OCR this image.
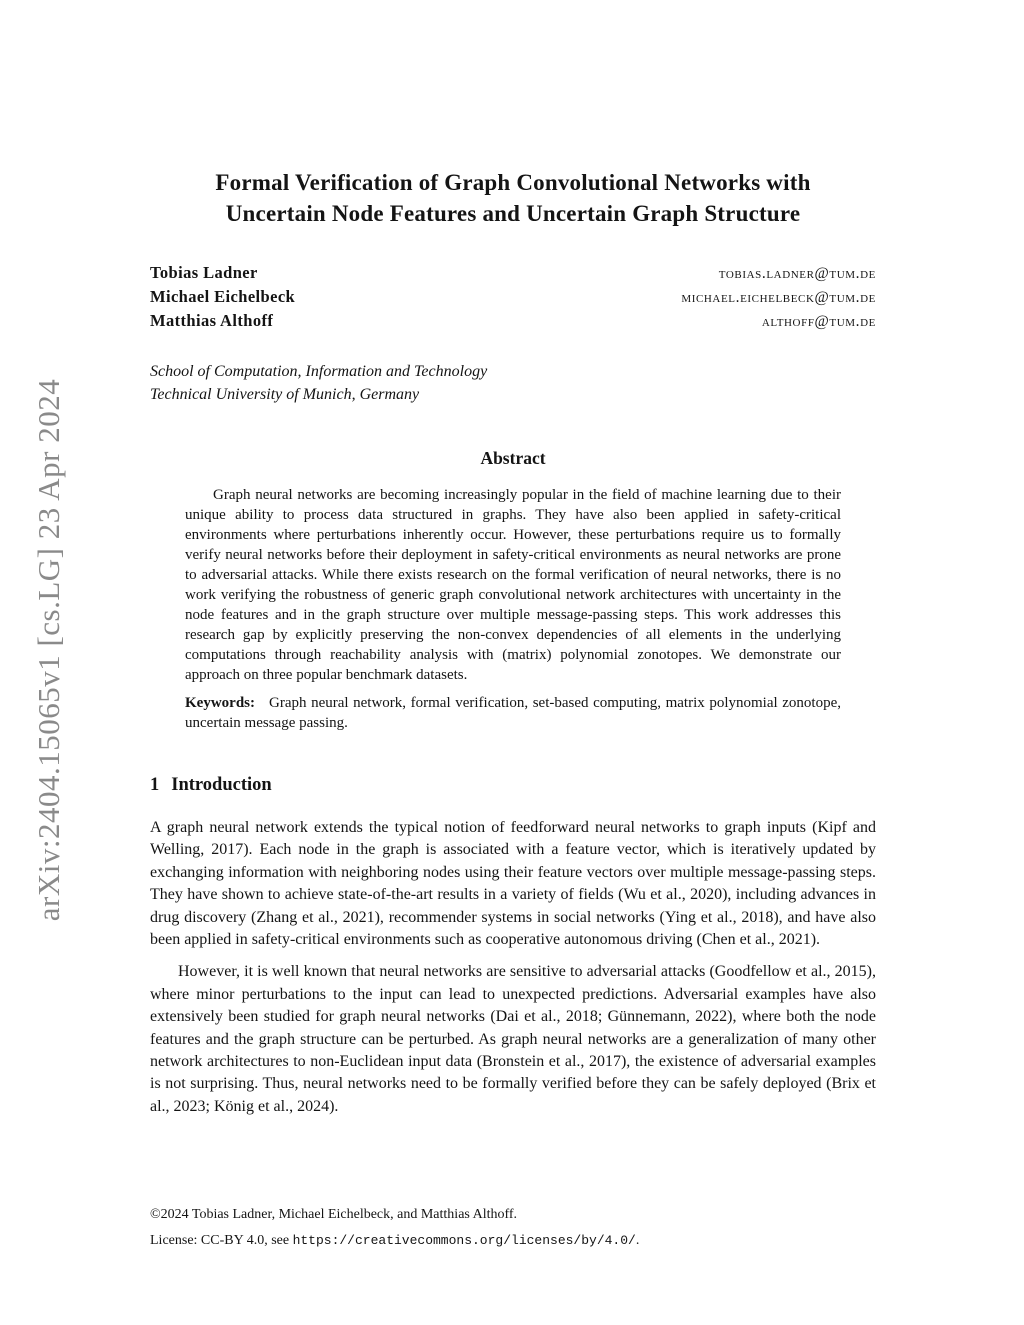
arXiv:2404.15065v1 [cs.LG] 23 Apr 2024
Formal Verification of Graph Convolutional Networks with
Uncertain Node Features and Uncertain Graph Structure
Tobias Ladner	tobias.ladner@tum.de
Michael Eichelbeck	michael.eichelbeck@tum.de
Matthias Althoff	althoff@tum.de
School of Computation, Information and Technology
Technical University of Munich, Germany
Abstract

Graph neural networks are becoming increasingly popular in the field of machine learning due to their unique ability to process data structured in graphs. They have also been applied in safety-critical environments where perturbations inherently occur. However, these perturbations require us to formally verify neural networks before their deployment in safety-critical environments as neural networks are prone to adversarial attacks. While there exists research on the formal verification of neural networks, there is no work verifying the robustness of generic graph convolutional network architectures with uncertainty in the node features and in the graph structure over multiple message-passing steps. This work addresses this research gap by explicitly preserving the non-convex dependencies of all elements in the underlying computations through reachability analysis with (matrix) polynomial zonotopes. We demonstrate our approach on three popular benchmark datasets.

Keywords: Graph neural network, formal verification, set-based computing, matrix polynomial zonotope, uncertain message passing.

1 Introduction

A graph neural network extends the typical notion of feedforward neural networks to graph inputs (Kipf and Welling, 2017). Each node in the graph is associated with a feature vector, which is iteratively updated by exchanging information with neighboring nodes using their feature vectors over multiple message-passing steps. They have shown to achieve state-of-the-art results in a variety of fields (Wu et al., 2020), including advances in drug discovery (Zhang et al., 2021), recommender systems in social networks (Ying et al., 2018), and have also been applied in safety-critical environments such as cooperative autonomous driving (Chen et al., 2021).

However, it is well known that neural networks are sensitive to adversarial attacks (Goodfellow et al., 2015), where minor perturbations to the input can lead to unexpected predictions. Adversarial examples have also extensively been studied for graph neural networks (Dai et al., 2018; Günnemann, 2022), where both the node features and the graph structure can be perturbed. As graph neural networks are a generalization of many other network architectures to non-Euclidean input data (Bronstein et al., 2017), the existence of adversarial examples is not surprising. Thus, neural networks need to be formally verified before they can be safely deployed (Brix et al., 2023; König et al., 2024).

©2024 Tobias Ladner, Michael Eichelbeck, and Matthias Althoff.
License: CC-BY 4.0, see https://creativecommons.org/licenses/by/4.0/.
